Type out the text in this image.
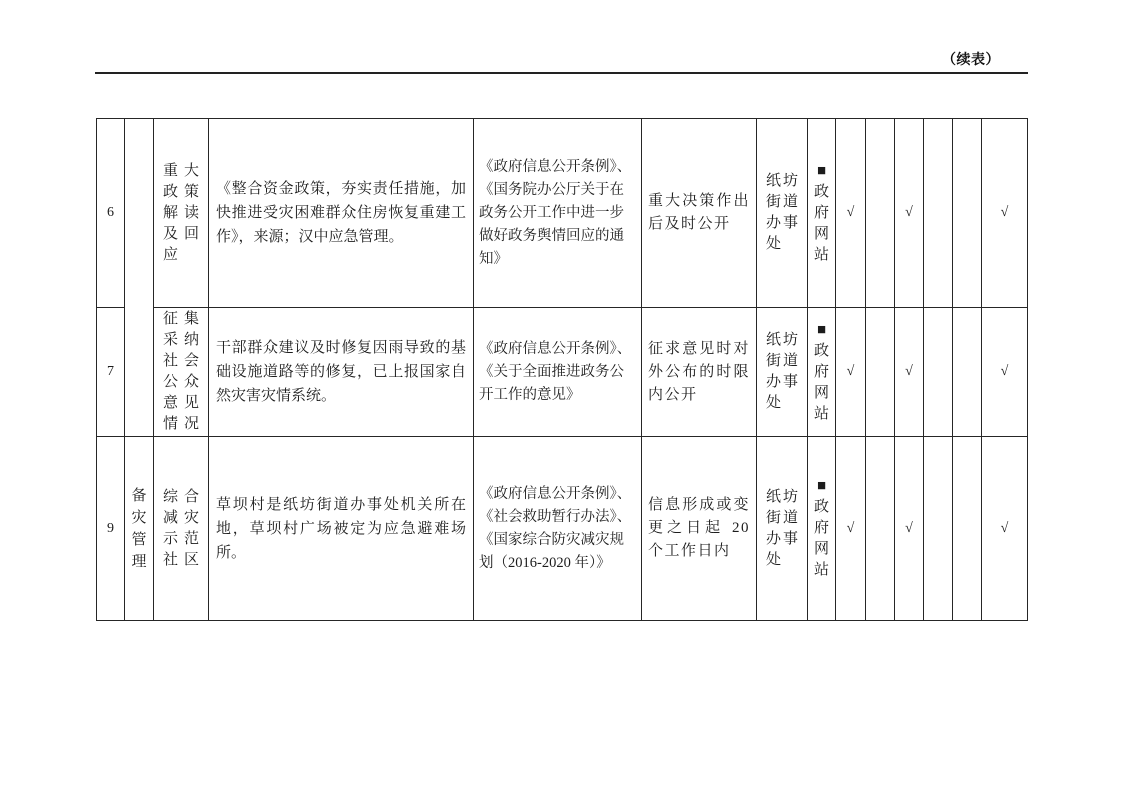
（续表）
6		重大政策解读及回应	《整合资金政策，夯实责任措施，加快推进受灾困难群众住房恢复重建工作》，来源；汉中应急管理。	《政府信息公开条例》、《国务院办公厅关于在政务公开工作中进一步做好政务舆情回应的通知》	重大决策作出后及时公开	纸坊街道办事处	■政府网站	√		√			√
7		征集采纳社会公众意见情况	干部群众建议及时修复因雨导致的基础设施道路等的修复，已上报国家自然灾害灾情系统。	《政府信息公开条例》、《关于全面推进政务公开工作的意见》	征求意见时对外公布的时限内公开	纸坊街道办事处	■政府网站	√		√			√
9	备灾管理	综合减灾示范社区	草坝村是纸坊街道办事处机关所在地，草坝村广场被定为应急避难场所。	《政府信息公开条例》、《社会救助暂行办法》、《国家综合防灾减灾规划（2016-2020 年）》	信息形成或变更之日起 20 个工作日内	纸坊街道办事处	■政府网站	√		√			√
